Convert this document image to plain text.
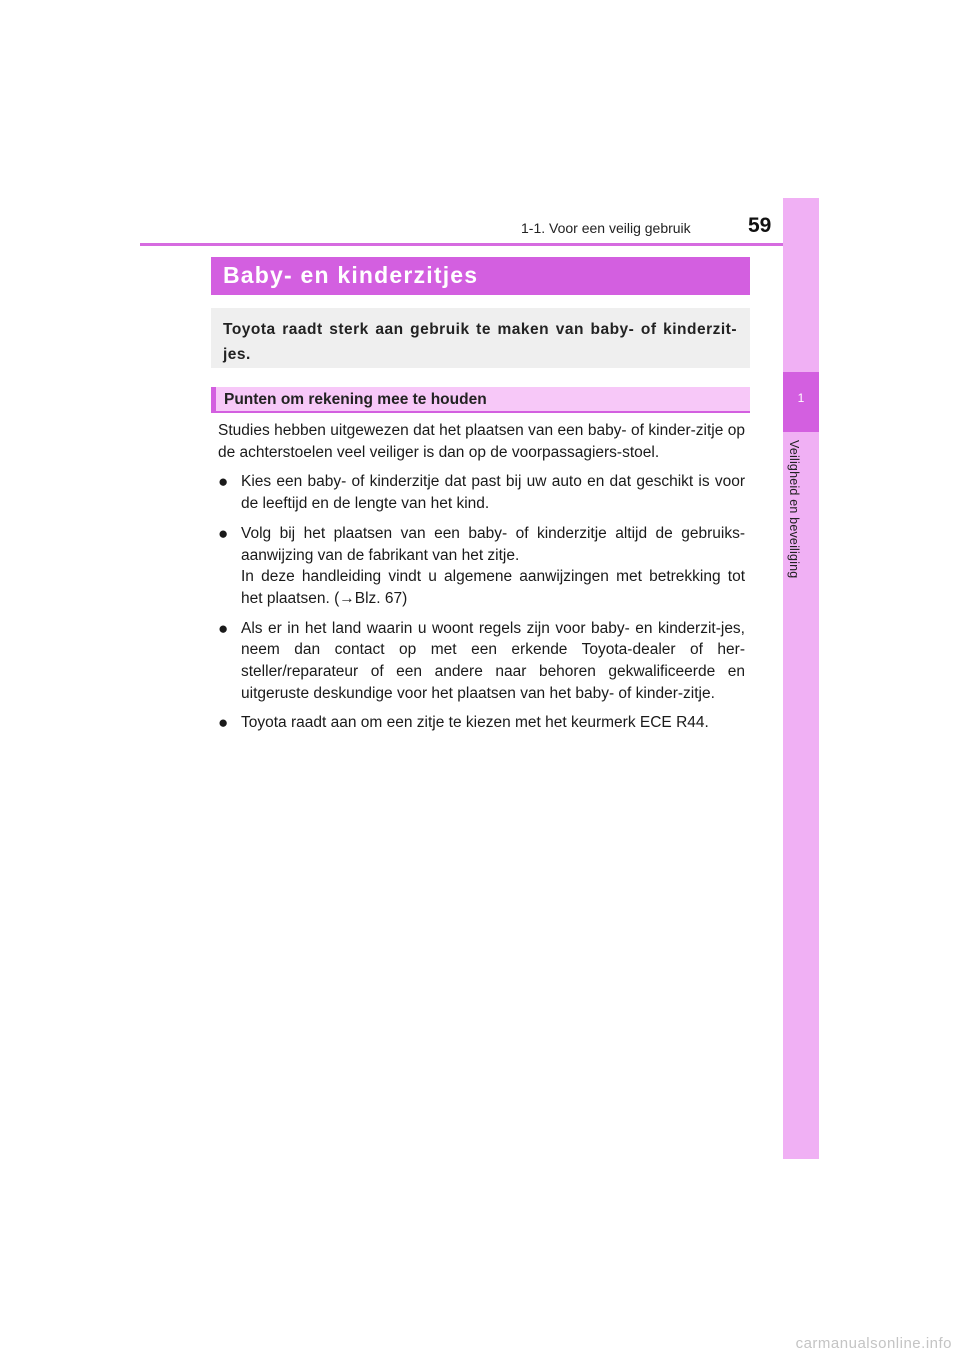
1-1. Voor een veilig gebruik	59
1
Veiligheid en beveiliging
Baby- en kinderzitjes
Toyota raadt sterk aan gebruik te maken van baby- of kinderzit-jes.
Punten om rekening mee te houden

Studies hebben uitgewezen dat het plaatsen van een baby- of kinder-zitje op de achterstoelen veel veiliger is dan op de voorpassagiers-stoel.

● Kies een baby- of kinderzitje dat past bij uw auto en dat geschikt is voor de leeftijd en de lengte van het kind.

● Volg bij het plaatsen van een baby- of kinderzitje altijd de gebruiks-aanwijzing van de fabrikant van het zitje.

In deze handleiding vindt u algemene aanwijzingen met betrekking tot het plaatsen. (→Blz. 67)

● Als er in het land waarin u woont regels zijn voor baby- en kinderzit-jes, neem dan contact op met een erkende Toyota-dealer of her-steller/reparateur of een andere naar behoren gekwalificeerde en uitgeruste deskundige voor het plaatsen van het baby- of kinder-zitje.

● Toyota raadt aan om een zitje te kiezen met het keurmerk ECE R44.

carmanualsonline.info
